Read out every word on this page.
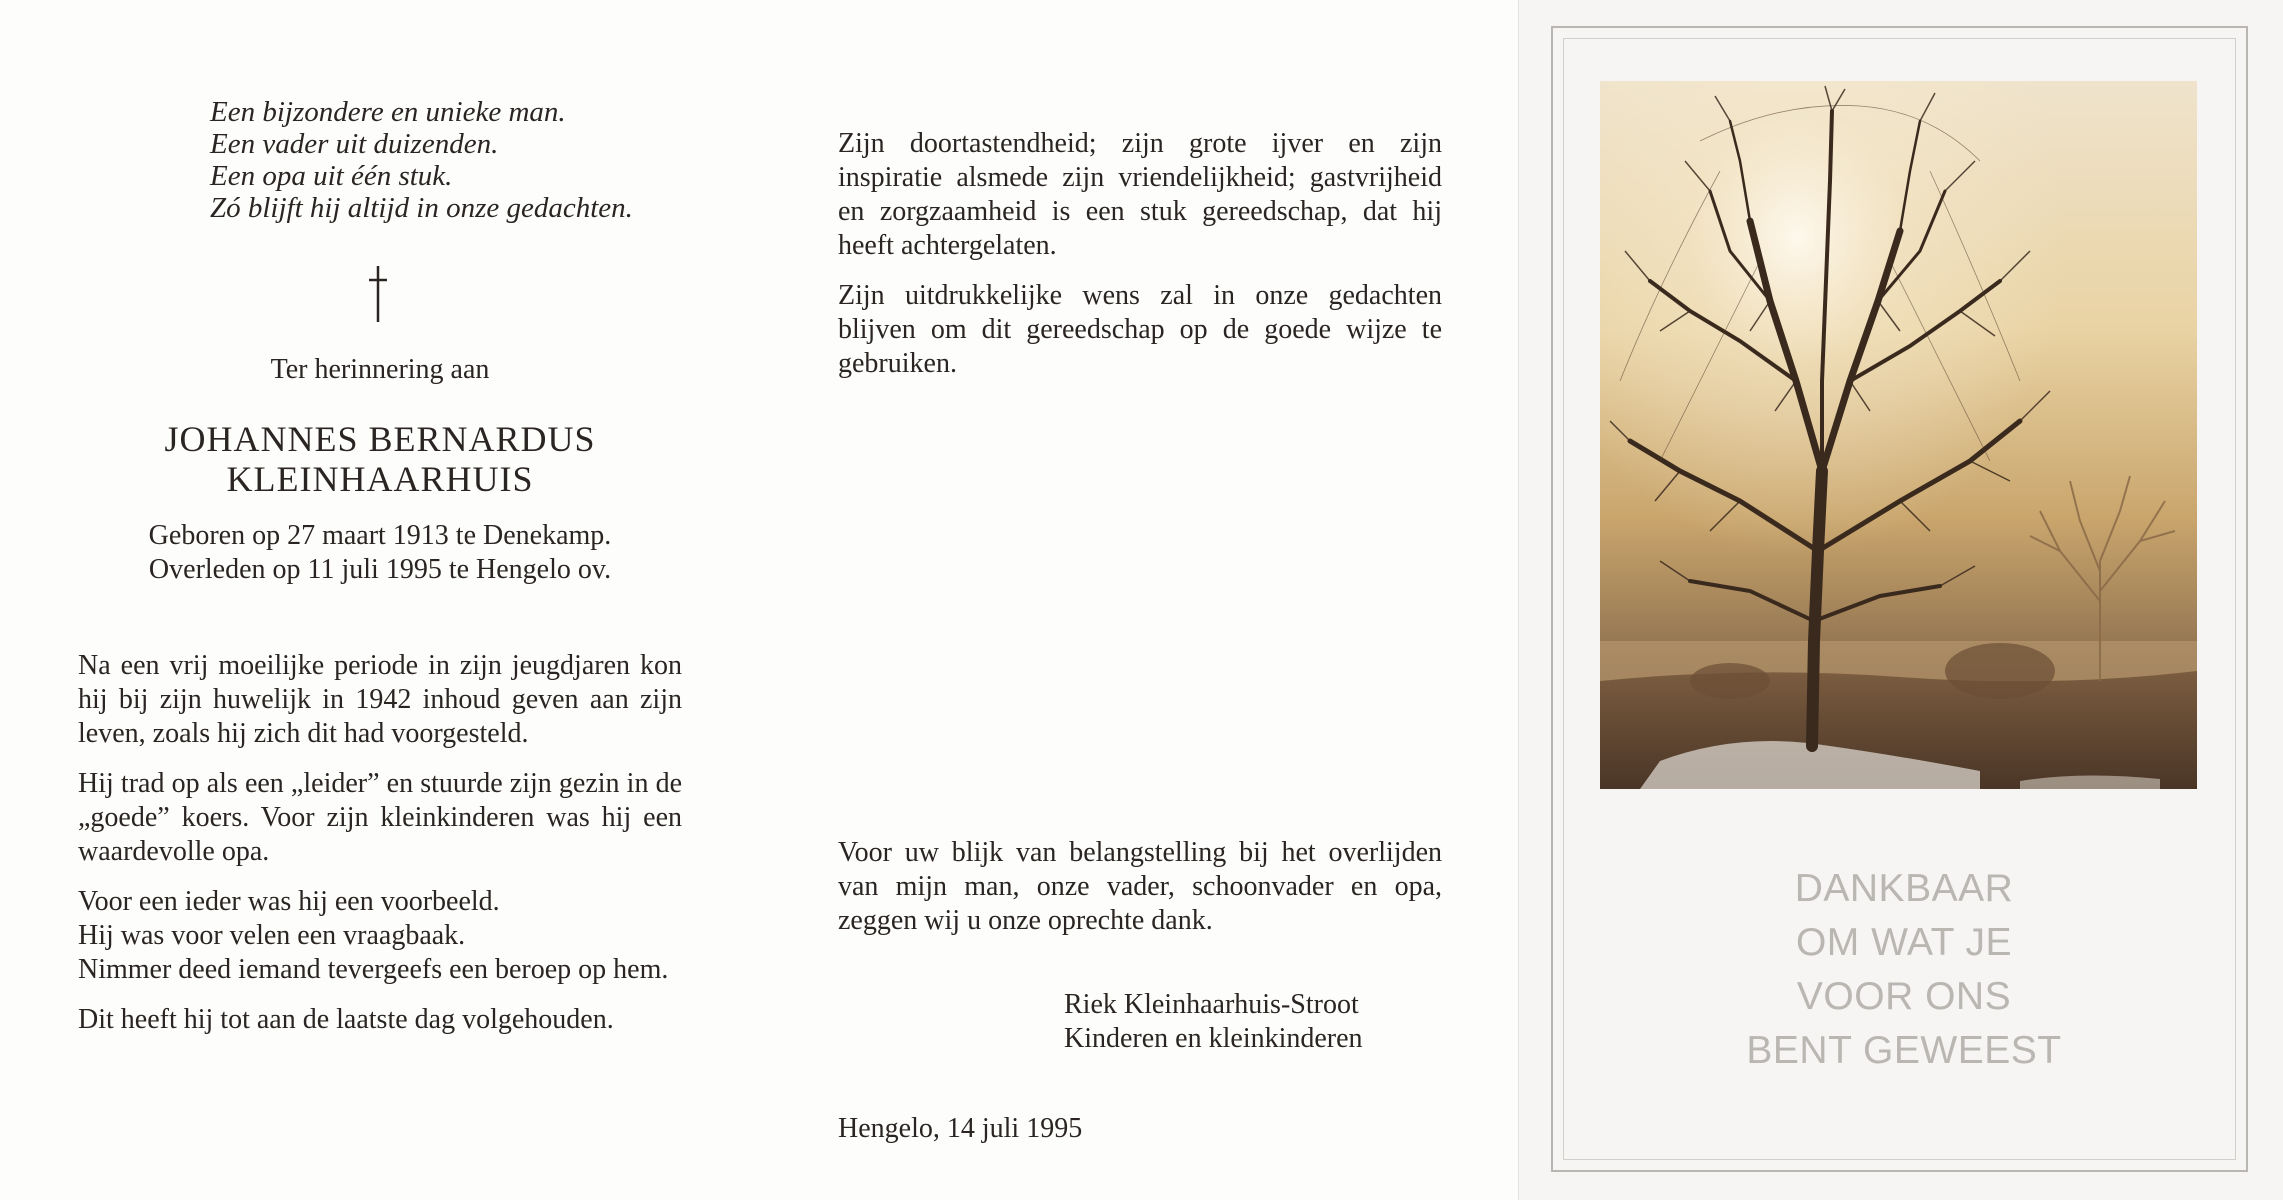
Een bijzondere en unieke man.
Een vader uit duizenden.
Een opa uit één stuk.
Zó blijft hij altijd in onze gedachten.
Ter herinnering aan
JOHANNES BERNARDUS
KLEINHAARHUIS
Geboren op 27 maart 1913 te Denekamp.
Overleden op 11 juli 1995 te Hengelo ov.

Na een vrij moeilijke periode in zijn jeugdjaren kon hij bij zijn huwelijk in 1942 inhoud geven aan zijn leven, zoals hij zich dit had voorgesteld.

Hij trad op als een „leider” en stuurde zijn gezin in de „goede” koers. Voor zijn kleinkinderen was hij een waardevolle opa.

Voor een ieder was hij een voorbeeld.

Hij was voor velen een vraagbaak.

Nimmer deed iemand tevergeefs een beroep op hem.

Dit heeft hij tot aan de laatste dag volgehouden.

Zijn doortastendheid; zijn grote ijver en zijn inspiratie alsmede zijn vriendelijkheid; gastvrijheid en zorgzaamheid is een stuk gereedschap, dat hij heeft achtergelaten.

Zijn uitdrukkelijke wens zal in onze gedachten blijven om dit gereedschap op de goede wijze te gebruiken.

Voor uw blijk van belangstelling bij het overlijden van mijn man, onze vader, schoonvader en opa, zeggen wij u onze oprechte dank.

Riek Kleinhaarhuis-Stroot
Kinderen en kleinkinderen
Hengelo, 14 juli 1995
DANKBAAR
OM WAT JE
VOOR ONS
BENT GEWEEST
